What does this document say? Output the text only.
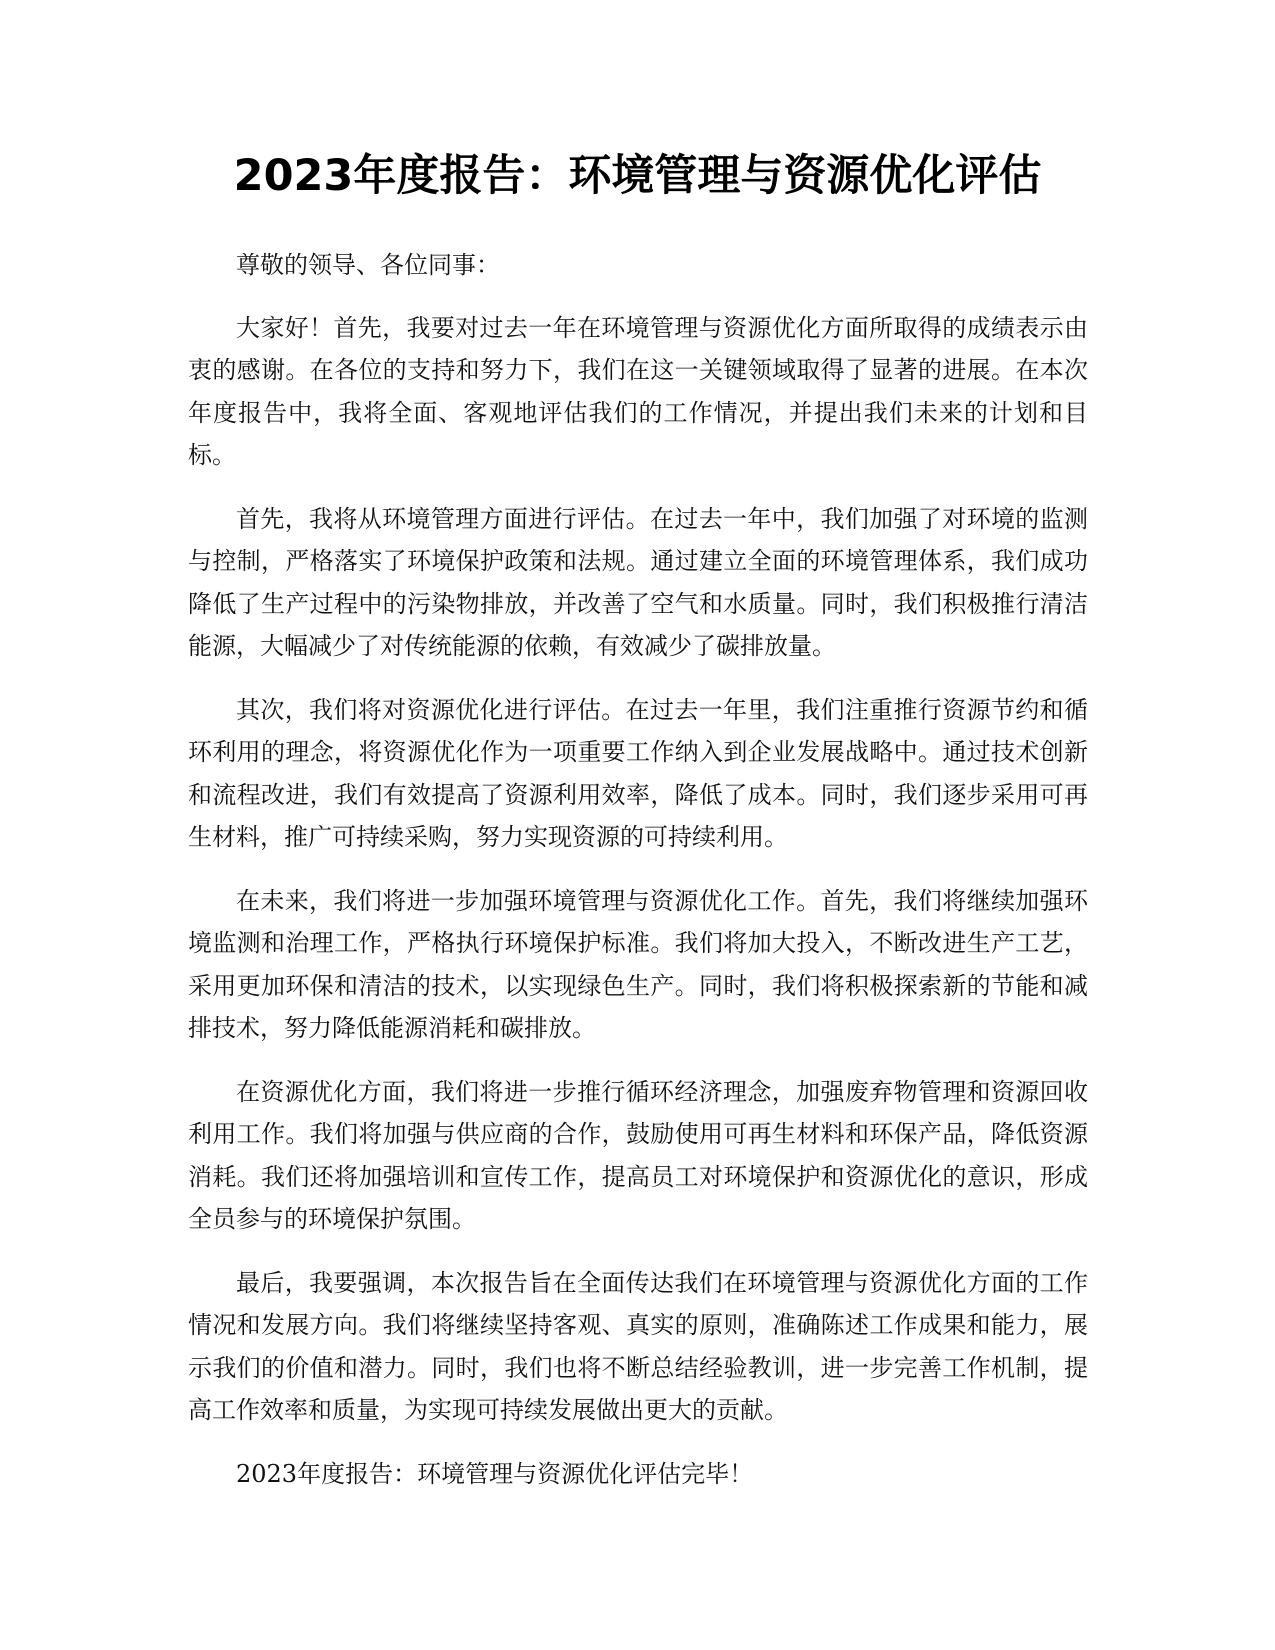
2023年度报告：环境管理与资源优化评估

尊敬的领导、各位同事：

大家好！首先，我要对过去一年在环境管理与资源优化方面所取得的成绩表示由衷的感谢。在各位的支持和努力下，我们在这一关键领域取得了显著的进展。在本次年度报告中，我将全面、客观地评估我们的工作情况，并提出我们未来的计划和目标。

首先，我将从环境管理方面进行评估。在过去一年中，我们加强了对环境的监测与控制，严格落实了环境保护政策和法规。通过建立全面的环境管理体系，我们成功降低了生产过程中的污染物排放，并改善了空气和水质量。同时，我们积极推行清洁能源，大幅减少了对传统能源的依赖，有效减少了碳排放量。

其次，我们将对资源优化进行评估。在过去一年里，我们注重推行资源节约和循环利用的理念，将资源优化作为一项重要工作纳入到企业发展战略中。通过技术创新和流程改进，我们有效提高了资源利用效率，降低了成本。同时，我们逐步采用可再生材料，推广可持续采购，努力实现资源的可持续利用。

在未来，我们将进一步加强环境管理与资源优化工作。首先，我们将继续加强环境监测和治理工作，严格执行环境保护标准。我们将加大投入，不断改进生产工艺，采用更加环保和清洁的技术，以实现绿色生产。同时，我们将积极探索新的节能和减排技术，努力降低能源消耗和碳排放。

在资源优化方面，我们将进一步推行循环经济理念，加强废弃物管理和资源回收利用工作。我们将加强与供应商的合作，鼓励使用可再生材料和环保产品，降低资源消耗。我们还将加强培训和宣传工作，提高员工对环境保护和资源优化的意识，形成全员参与的环境保护氛围。

最后，我要强调，本次报告旨在全面传达我们在环境管理与资源优化方面的工作情况和发展方向。我们将继续坚持客观、真实的原则，准确陈述工作成果和能力，展示我们的价值和潜力。同时，我们也将不断总结经验教训，进一步完善工作机制，提高工作效率和质量，为实现可持续发展做出更大的贡献。

2023年度报告：环境管理与资源优化评估完毕！
